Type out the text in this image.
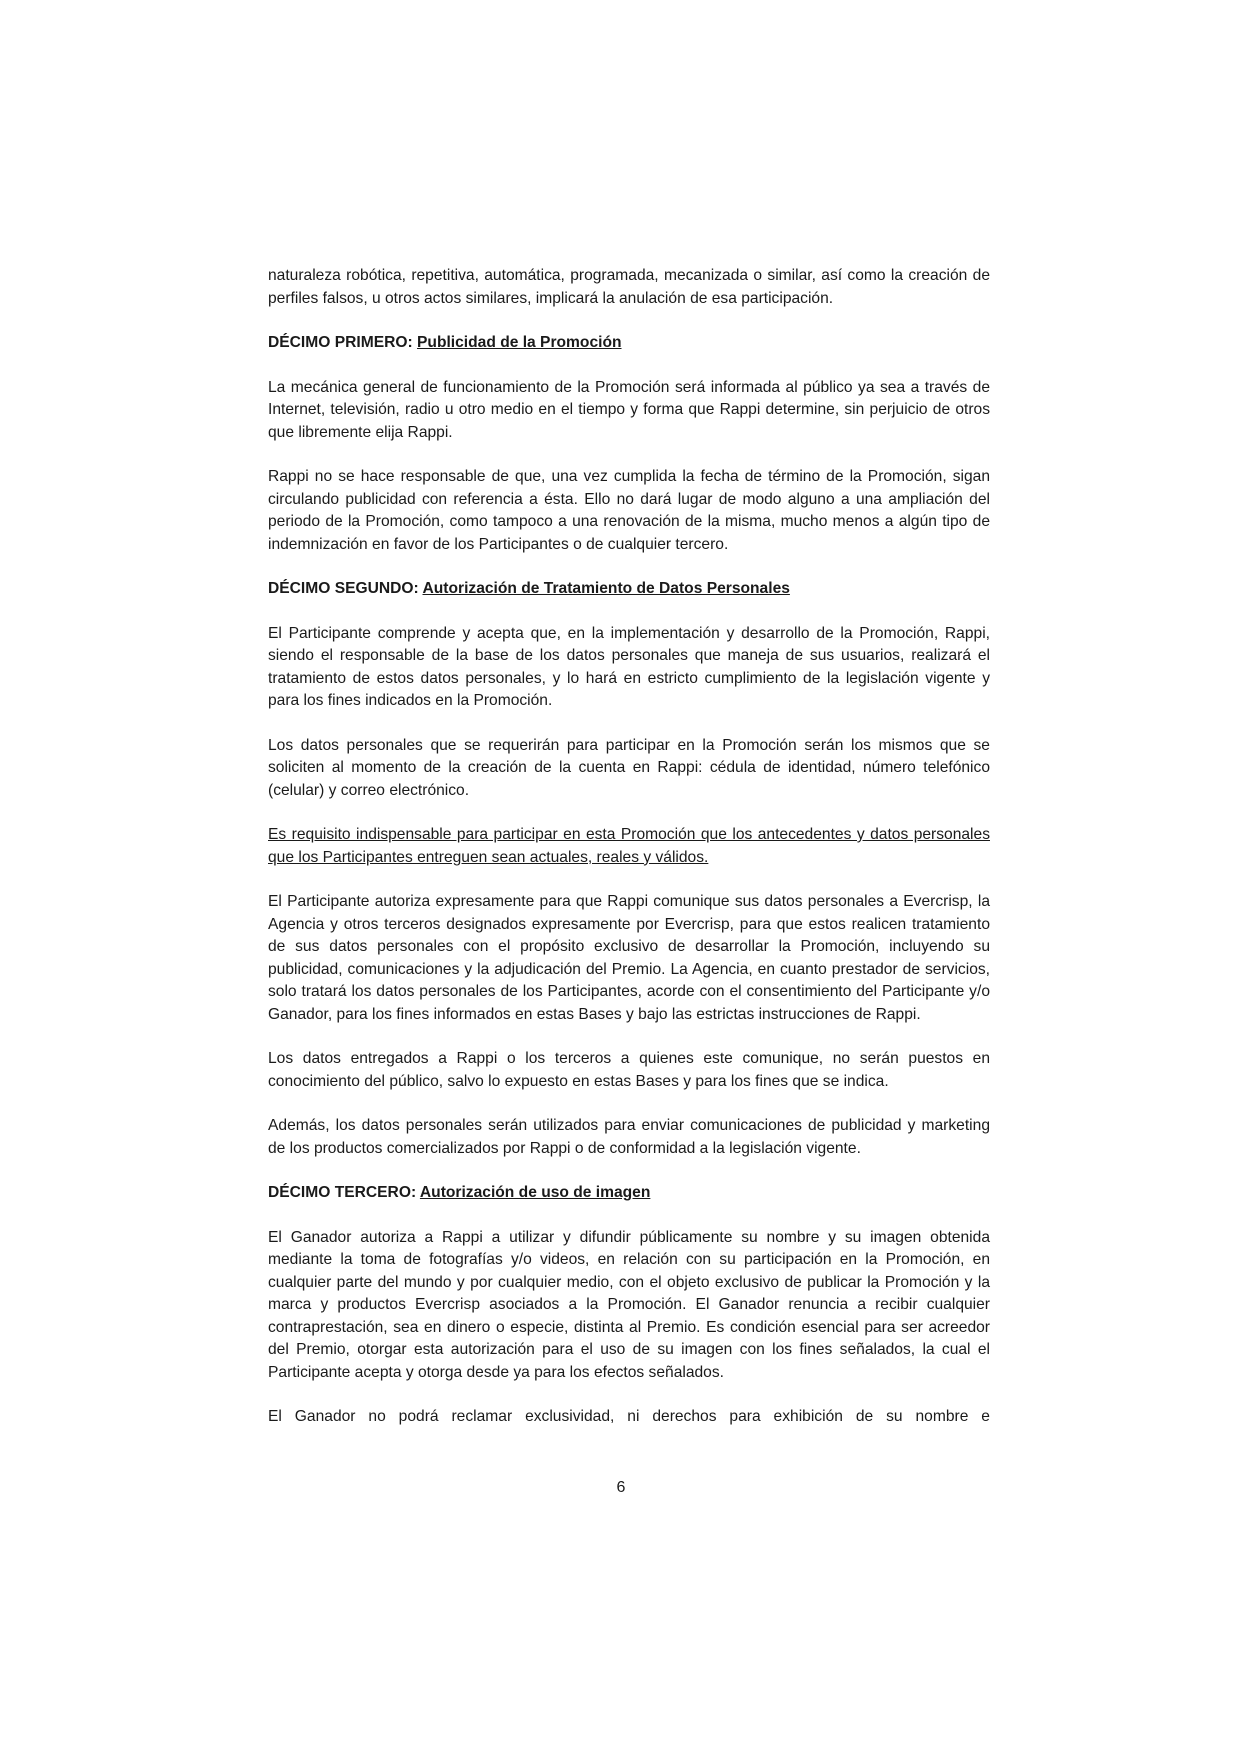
naturaleza robótica, repetitiva, automática, programada, mecanizada o similar, así como la creación de perfiles falsos, u otros actos similares, implicará la anulación de esa participación.

DÉCIMO PRIMERO: Publicidad de la Promoción

La mecánica general de funcionamiento de la Promoción será informada al público ya sea a través de Internet, televisión, radio u otro medio en el tiempo y forma que Rappi determine, sin perjuicio de otros que libremente elija Rappi.

Rappi no se hace responsable de que, una vez cumplida la fecha de término de la Promoción, sigan circulando publicidad con referencia a ésta. Ello no dará lugar de modo alguno a una ampliación del periodo de la Promoción, como tampoco a una renovación de la misma, mucho menos a algún tipo de indemnización en favor de los Participantes o de cualquier tercero.

DÉCIMO SEGUNDO: Autorización de Tratamiento de Datos Personales

El Participante comprende y acepta que, en la implementación y desarrollo de la Promoción, Rappi, siendo el responsable de la base de los datos personales que maneja de sus usuarios, realizará el tratamiento de estos datos personales, y lo hará en estricto cumplimiento de la legislación vigente y para los fines indicados en la Promoción.

Los datos personales que se requerirán para participar en la Promoción serán los mismos que se soliciten al momento de la creación de la cuenta en Rappi: cédula de identidad, número telefónico (celular) y correo electrónico.

Es requisito indispensable para participar en esta Promoción que los antecedentes y datos personales que los Participantes entreguen sean actuales, reales y válidos.

El Participante autoriza expresamente para que Rappi comunique sus datos personales a Evercrisp, la Agencia y otros terceros designados expresamente por Evercrisp, para que estos realicen tratamiento de sus datos personales con el propósito exclusivo de desarrollar la Promoción, incluyendo su publicidad, comunicaciones y la adjudicación del Premio. La Agencia, en cuanto prestador de servicios, solo tratará los datos personales de los Participantes, acorde con el consentimiento del Participante y/o Ganador, para los fines informados en estas Bases y bajo las estrictas instrucciones de Rappi.

Los datos entregados a Rappi o los terceros a quienes este comunique, no serán puestos en conocimiento del público, salvo lo expuesto en estas Bases y para los fines que se indica.

Además, los datos personales serán utilizados para enviar comunicaciones de publicidad y marketing de los productos comercializados por Rappi o de conformidad a la legislación vigente.

DÉCIMO TERCERO: Autorización de uso de imagen

El Ganador autoriza a Rappi a utilizar y difundir públicamente su nombre y su imagen obtenida mediante la toma de fotografías y/o videos, en relación con su participación en la Promoción, en cualquier parte del mundo y por cualquier medio, con el objeto exclusivo de publicar la Promoción y la marca y productos Evercrisp asociados a la Promoción. El Ganador renuncia a recibir cualquier contraprestación, sea en dinero o especie, distinta al Premio. Es condición esencial para ser acreedor del Premio, otorgar esta autorización para el uso de su imagen con los fines señalados, la cual el Participante acepta y otorga desde ya para los efectos señalados.

El Ganador no podrá reclamar exclusividad, ni derechos para exhibición de su nombre e

6
